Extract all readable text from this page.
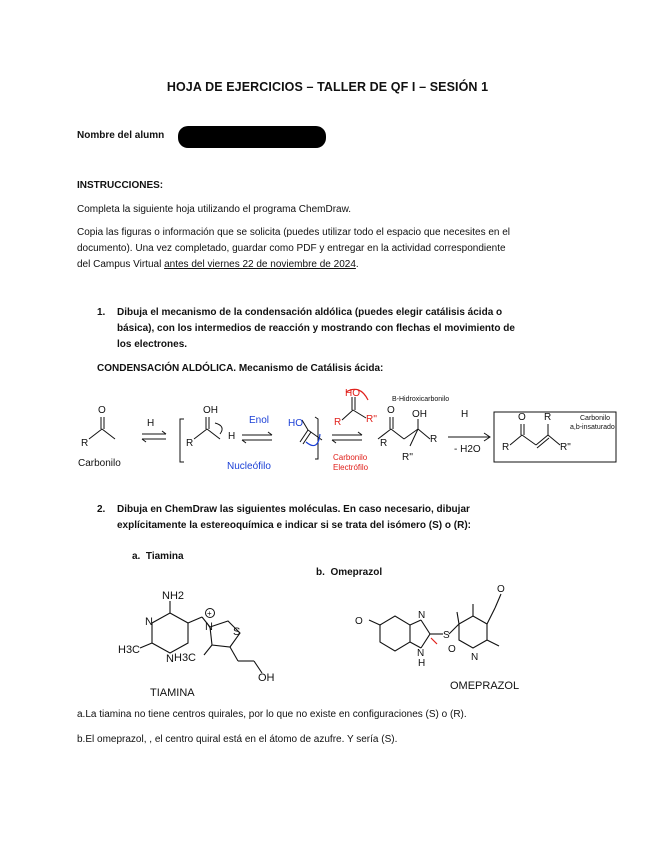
HOJA DE EJERCICIOS – TALLER DE QF I – SESIÓN 1
Nombre del alumn
INSTRUCCIONES:
Completa la siguiente hoja utilizando el programa ChemDraw.
Copia las figuras o información que se solicita (puedes utilizar todo el espacio que necesites en el
documento). Una vez completado, guardar como PDF y entregar en la actividad correspondiente
del Campus Virtual antes del viernes 22 de noviembre de 2024.
1. Dibuja el mecanismo de la condensación aldólica (puedes elegir catálisis ácida o
básica), con los intermedios de reacción y mostrando con flechas el movimiento de
los electrones.
CONDENSACIÓN ALDÓLICA. Mecanismo de Catálisis ácida:
O
R
Carbonilo
H
OH
R
H
R
O OH
R
R''
H
- H2O R
O R
R"
B-Hidroxicarbonilo
Carbonilo
a,b-insaturado
Enol
Nucleófilo
HO
HO
R''
R
Carbonilo
Electrófilo
2. Dibuja en ChemDraw las siguientes moléculas. En caso necesario, dibujar
explícitamente la estereoquímica e indicar si se trata del isómero (S) o (R):
a. Tiamina
b. Omeprazol
NH2
N
N
H3C
H3C
N S
OH
+
TIAMINA
O
N
N
H
S
O
N
O
OMEPRAZOL
a.La tiamina no tiene centros quirales, por lo que no existe en configuraciones (S) o (R).
b.El omeprazol, , el centro quiral está en el átomo de azufre. Y sería (S).
